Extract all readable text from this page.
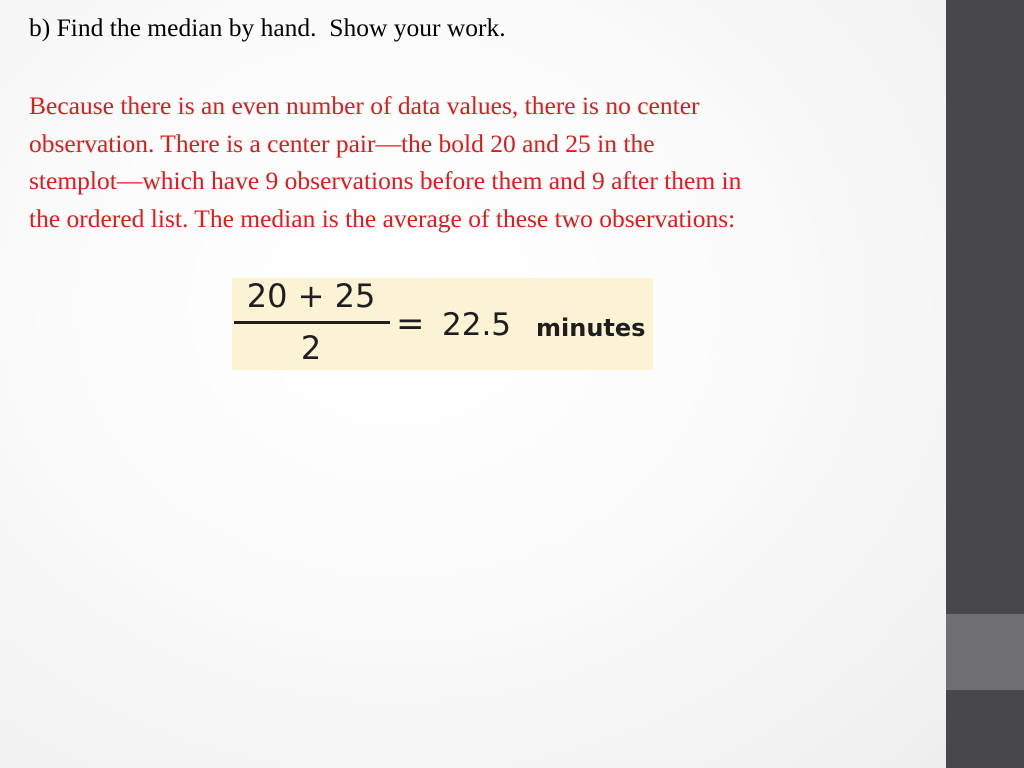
b) Find the median by hand.  Show your work.
Because there is an even number of data values, there is no center
observation. There is a center pair—the bold 20 and 25 in the
stemplot—which have 9 observations before them and 9 after them in
the ordered list. The median is the average of these two observations:
20 + 25
2
= 22.5 minutes
